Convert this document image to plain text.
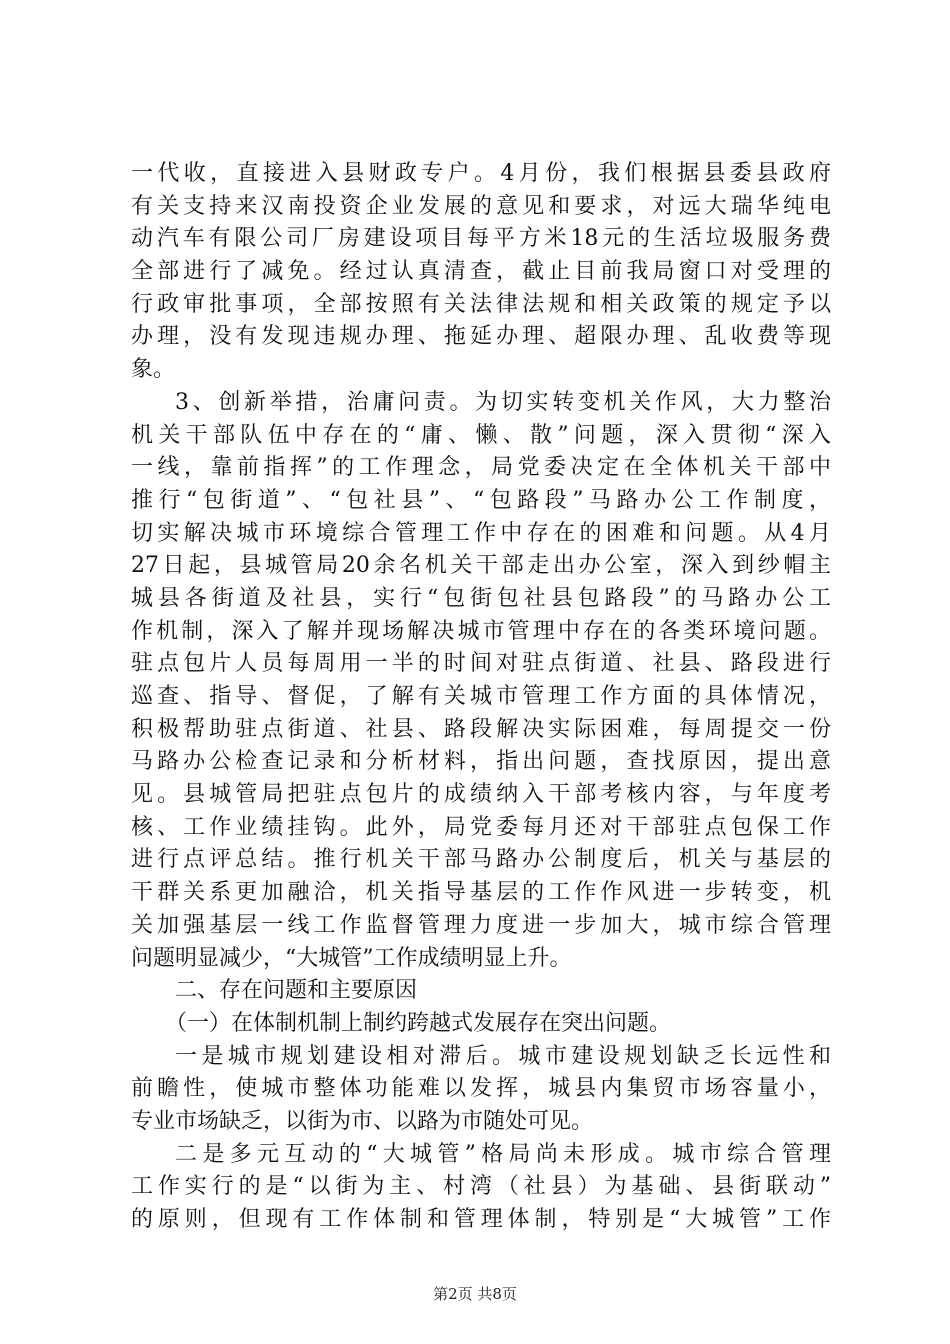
一代收，直接进入县财政专户。4月份，我们根据县委县政府
有关支持来汉南投资企业发展的意见和要求，对远大瑞华纯电
动汽车有限公司厂房建设项目每平方米18元的生活垃圾服务费
全部进行了减免。经过认真清查，截止目前我局窗口对受理的
行政审批事项，全部按照有关法律法规和相关政策的规定予以
办理，没有发现违规办理、拖延办理、超限办理、乱收费等现
象。
3、创新举措，治庸问责。为切实转变机关作风，大力整治
机关干部队伍中存在的“庸、懒、散”问题，深入贯彻“深入
一线，靠前指挥”的工作理念，局党委决定在全体机关干部中
推行“包街道”、“包社县”、“包路段”马路办公工作制度，
切实解决城市环境综合管理工作中存在的困难和问题。从4月
27日起，县城管局20余名机关干部走出办公室，深入到纱帽主
城县各街道及社县，实行“包街包社县包路段”的马路办公工
作机制，深入了解并现场解决城市管理中存在的各类环境问题。
驻点包片人员每周用一半的时间对驻点街道、社县、路段进行
巡查、指导、督促，了解有关城市管理工作方面的具体情况，
积极帮助驻点街道、社县、路段解决实际困难，每周提交一份
马路办公检查记录和分析材料，指出问题，查找原因，提出意
见。县城管局把驻点包片的成绩纳入干部考核内容，与年度考
核、工作业绩挂钩。此外，局党委每月还对干部驻点包保工作
进行点评总结。推行机关干部马路办公制度后，机关与基层的
干群关系更加融洽，机关指导基层的工作作风进一步转变，机
关加强基层一线工作监督管理力度进一步加大，城市综合管理
问题明显减少，“大城管”工作成绩明显上升。
二、存在问题和主要原因
（一）在体制机制上制约跨越式发展存在突出问题。
一是城市规划建设相对滞后。城市建设规划缺乏长远性和
前瞻性，使城市整体功能难以发挥，城县内集贸市场容量小，
专业市场缺乏，以街为市、以路为市随处可见。
二是多元互动的“大城管”格局尚未形成。城市综合管理
工作实行的是“以街为主、村湾（社县）为基础、县街联动”
的原则，但现有工作体制和管理体制，特别是“大城管”工作
第2页 共8页
